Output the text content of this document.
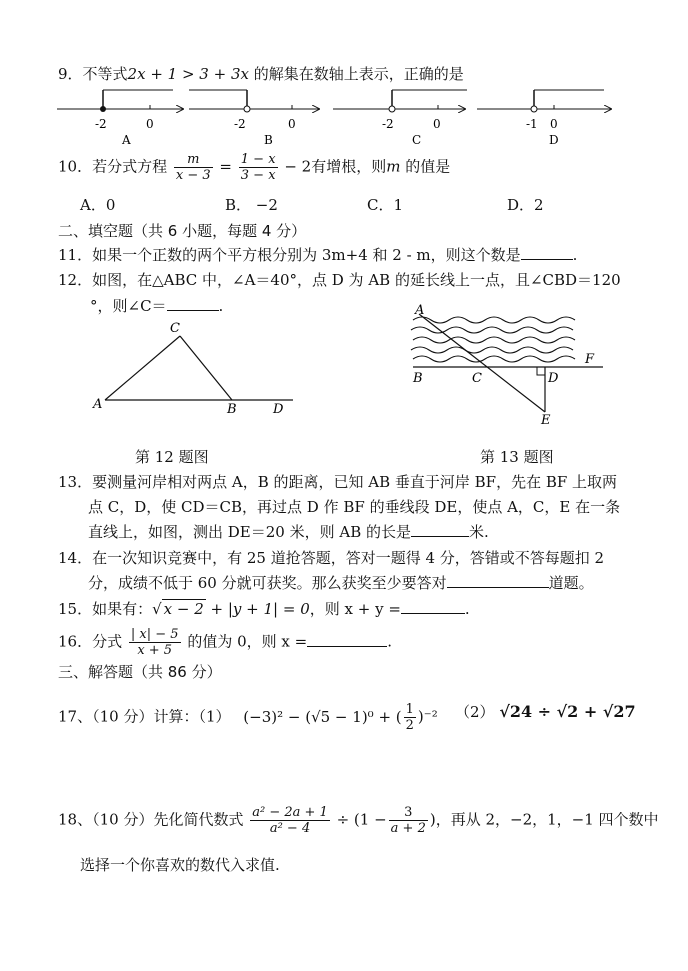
9．不等式2x + 1 > 3 + 3x 的解集在数轴上表示，正确的是
-2	0
A
-2	0
B
-2	0
C
-1 0
D
10．若分式方程 $\frac{m}{x - 3} = \frac{1 - x}{3 - x} - 2$有增根，则m 的值是
A．0	B． −2	C．1	D．2
二、填空题（共 6 小题，每题 4 分）
11．如果一个正数的两个平方根分别为 3m+4 和 2 - m，则这个数是	.
12．如图，在△ABC 中，∠A＝40°，点 D 为 AB 的延长线上一点，且∠CBD＝120
°，则∠C＝	.
A	B
C
D
第 12 题图
A
B	C	D
E
F
第 13 题图
13．要测量河岸相对两点 A，B 的距离，已知 AB 垂直于河岸 BF，先在 BF 上取两
点 C，D，使 CD＝CB，再过点 D 作 BF 的垂线段 DE，使点 A，C，E 在一条
直线上，如图，测出 DE＝20 米，则 AB 的长是	米.
14．在一次知识竞赛中，有 25 道抢答题，答对一题得 4 分，答错或不答每题扣 2
分，成绩不低于 60 分就可获奖。那么获奖至少要答对	道题。
15．如果有：√ x − 2 + |y + 1| = 0，则 x + y =	.
16．分式 $\frac{| x| - 5}{x + 5}$ 的值为 0，则 x =	.
三、解答题（共 86 分）
17、（10 分）计算：（1） (−3)² − (√5 − 1)⁰ + ( $\frac{1}{2} )^{-2}$ （2） √24 ÷ √2 + √27
18、（10 分）先化简代数式 $\frac{\text{a² − 2a + 1}}{\text{a² − 4}} \div (1 - \frac{3}{a + 2}$ )，再从 2，−2，1，−1 四个数中
选择一个你喜欢的数代入求值.
